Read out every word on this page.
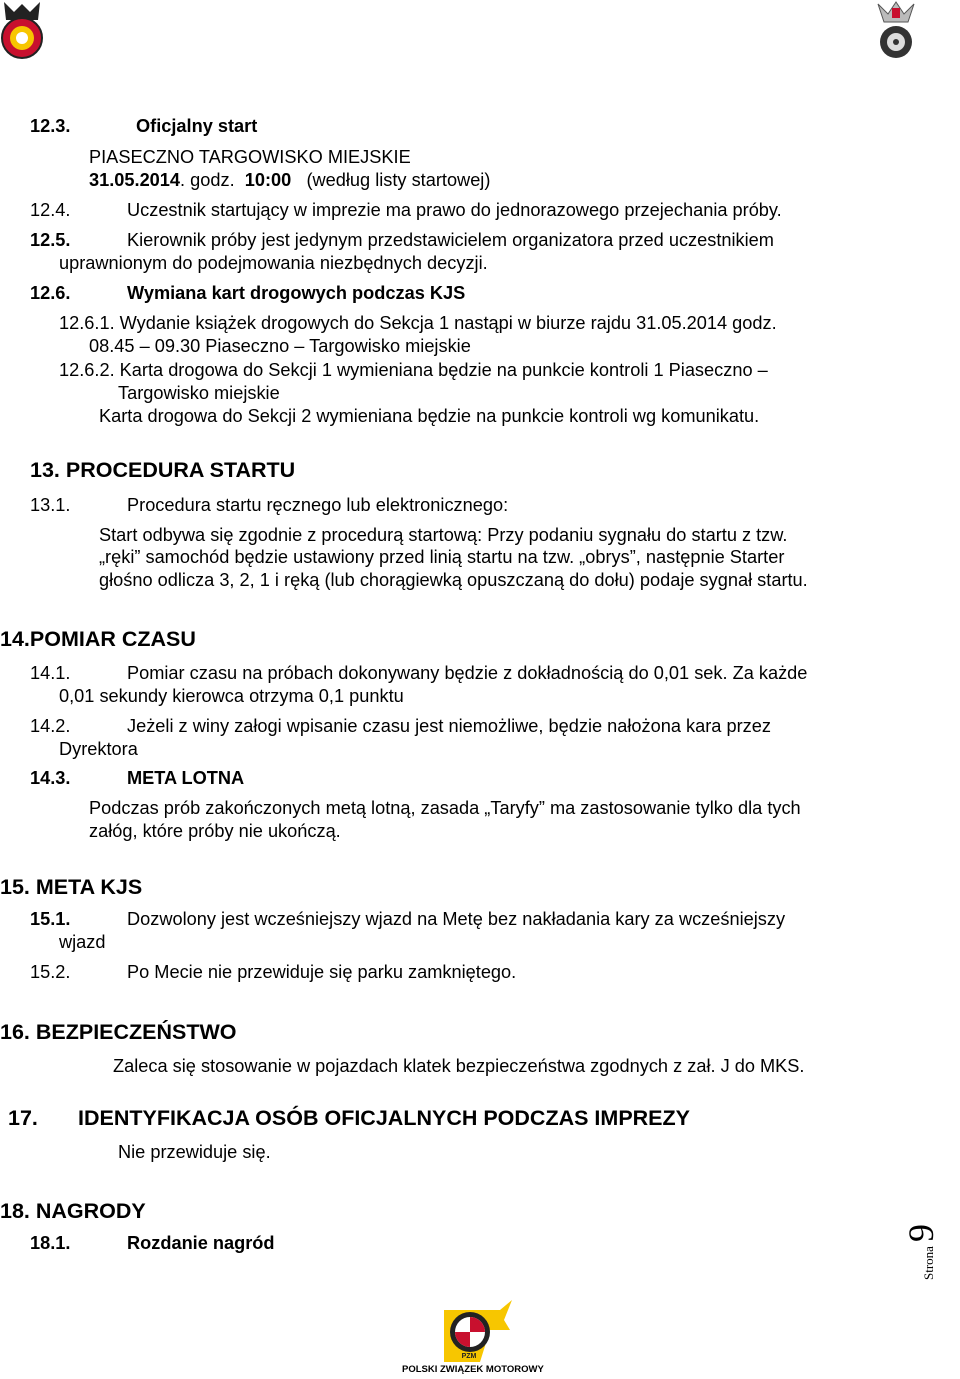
12.3.	Oficjalny start
PIASECZNO TARGOWISKO MIEJSKIE
31.05.2014. godz. 10:00 (według listy startowej)
12.4.	Uczestnik startujący w imprezie ma prawo do jednorazowego przejechania próby.
12.5.	Kierownik próby jest jedynym przedstawicielem organizatora przed uczestnikiem
uprawnionym do podejmowania niezbędnych decyzji.
12.6.	Wymiana kart drogowych podczas KJS
12.6.1. Wydanie książek drogowych do Sekcja 1 nastąpi w biurze rajdu 31.05.2014 godz.
08.45 – 09.30 Piaseczno – Targowisko miejskie
12.6.2. Karta drogowa do Sekcji 1 wymieniana będzie na punkcie kontroli 1 Piaseczno –
Targowisko miejskie
Karta drogowa do Sekcji 2 wymieniana będzie na punkcie kontroli wg komunikatu.
13. PROCEDURA STARTU
13.1.	Procedura startu ręcznego lub elektronicznego:
Start odbywa się zgodnie z procedurą startową: Przy podaniu sygnału do startu z tzw.
„ręki” samochód będzie ustawiony przed linią startu na tzw. „obrys”, następnie Starter
głośno odlicza 3, 2, 1 i ręką (lub chorągiewką opuszczaną do dołu) podaje sygnał startu.
14.POMIAR CZASU
14.1.	Pomiar czasu na próbach dokonywany będzie z dokładnością do 0,01 sek. Za każde
0,01 sekundy kierowca otrzyma 0,1 punktu
14.2.	Jeżeli z winy załogi wpisanie czasu jest niemożliwe, będzie nałożona kara przez
Dyrektora
14.3.	META LOTNA
Podczas prób zakończonych metą lotną, zasada „Taryfy” ma zastosowanie tylko dla tych
załóg, które próby nie ukończą.
15. META KJS
15.1.	Dozwolony jest wcześniejszy wjazd na Metę bez nakładania kary za wcześniejszy
wjazd
15.2.	Po Mecie nie przewiduje się parku zamkniętego.
16. BEZPIECZEŃSTWO
Zaleca się stosowanie w pojazdach klatek bezpieczeństwa zgodnych z zał. J do MKS.
17. IDENTYFIKACJA OSÓB OFICJALNYCH PODCZAS IMPREZY
Nie przewiduje się.
18. NAGRODY
18.1.	Rozdanie nagród
Strona9
PZM
POLSKI ZWIĄZEK MOTOROWY
